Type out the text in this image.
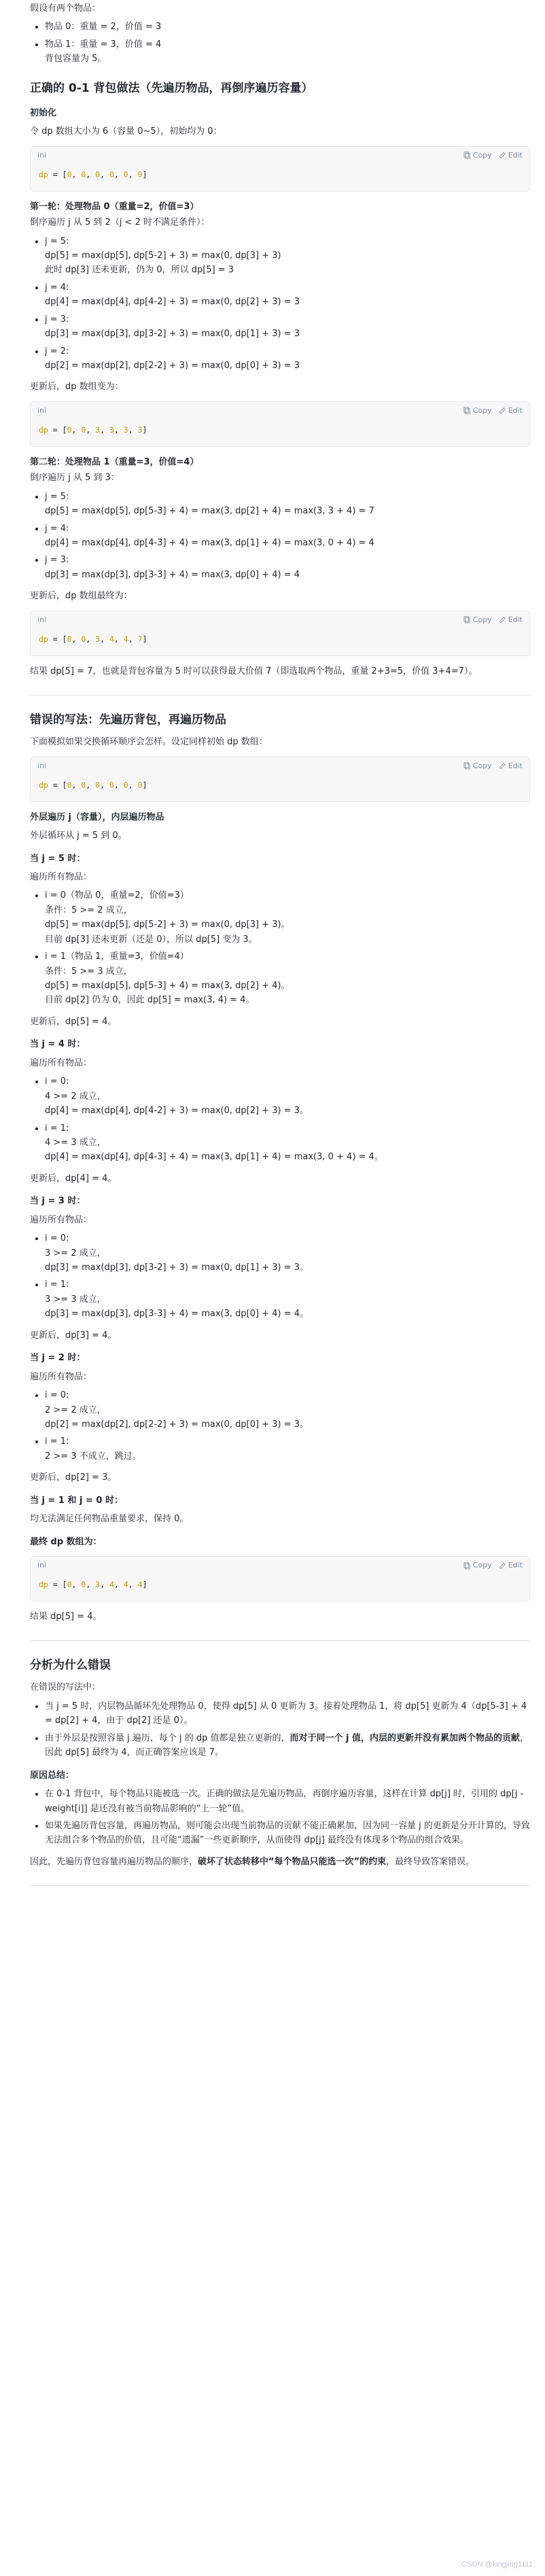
假设有两个物品：

• 物品 0：重量 = 2，价值 = 3
• 物品 1：重量 = 3，价值 = 4
背包容量为 5。
正确的 0-1 背包做法（先遍历物品，再倒序遍历容量）
初始化

令 dp 数组大小为 6（容量 0~5），初始均为 0：

ini	Copy Edit
dp = [0, 0, 0, 0, 0, 0]

第一轮：处理物品 0（重量=2，价值=3）

倒序遍历 j 从 5 到 2（j < 2 时不满足条件）：

• j = 5:
dp[5] = max(dp[5], dp[5-2] + 3) = max(0, dp[3] + 3)
此时 dp[3] 还未更新，仍为 0，所以 dp[5] = 3
• j = 4:
dp[4] = max(dp[4], dp[4-2] + 3) = max(0, dp[2] + 3) = 3
• j = 3:
dp[3] = max(dp[3], dp[3-2] + 3) = max(0, dp[1] + 3) = 3
• j = 2:
dp[2] = max(dp[2], dp[2-2] + 3) = max(0, dp[0] + 3) = 3

更新后，dp 数组变为：

ini	Copy Edit
dp = [0, 0, 3, 3, 3, 3]

第二轮：处理物品 1（重量=3，价值=4）

倒序遍历 j 从 5 到 3：

• j = 5:
dp[5] = max(dp[5], dp[5-3] + 4) = max(3, dp[2] + 4) = max(3, 3 + 4) = 7
• j = 4:
dp[4] = max(dp[4], dp[4-3] + 4) = max(3, dp[1] + 4) = max(3, 0 + 4) = 4
• j = 3:
dp[3] = max(dp[3], dp[3-3] + 4) = max(3, dp[0] + 4) = 4

更新后，dp 数组最终为：

ini	Copy Edit
dp = [0, 0, 3, 4, 4, 7]

结果 dp[5] = 7，也就是背包容量为 5 时可以获得最大价值 7（即选取两个物品，重量 2+3=5，价值 3+4=7）。

错误的写法：先遍历背包，再遍历物品

下面模拟如果交换循环顺序会怎样。设定同样初始 dp 数组：

ini	Copy Edit
dp = [0, 0, 0, 0, 0, 0]
外层遍历 j（容量），内层遍历物品

外层循环从 j = 5 到 0。

当 j = 5 时：

遍历所有物品：

• i = 0（物品 0，重量=2，价值=3）
条件：5 >= 2 成立，
dp[5] = max(dp[5], dp[5-2] + 3) = max(0, dp[3] + 3)。
目前 dp[3] 还未更新（还是 0），所以 dp[5] 变为 3。
• i = 1（物品 1，重量=3，价值=4）
条件：5 >= 3 成立，
dp[5] = max(dp[5], dp[5-3] + 4) = max(3, dp[2] + 4)。
目前 dp[2] 仍为 0，因此 dp[5] = max(3, 4) = 4。

更新后，dp[5] = 4。

当 j = 4 时：

遍历所有物品：

• i = 0:
4 >= 2 成立，
dp[4] = max(dp[4], dp[4-2] + 3) = max(0, dp[2] + 3) = 3。
• i = 1:
4 >= 3 成立，
dp[4] = max(dp[4], dp[4-3] + 4) = max(3, dp[1] + 4) = max(3, 0 + 4) = 4。

更新后，dp[4] = 4。

当 j = 3 时：

遍历所有物品：

• i = 0:
3 >= 2 成立，
dp[3] = max(dp[3], dp[3-2] + 3) = max(0, dp[1] + 3) = 3。
• i = 1:
3 >= 3 成立，
dp[3] = max(dp[3], dp[3-3] + 4) = max(3, dp[0] + 4) = 4。

更新后，dp[3] = 4。

当 j = 2 时：

遍历所有物品：

• i = 0:
2 >= 2 成立，
dp[2] = max(dp[2], dp[2-2] + 3) = max(0, dp[0] + 3) = 3。
• i = 1:
2 >= 3 不成立，跳过。

更新后，dp[2] = 3。

当 j = 1 和 j = 0 时：

均无法满足任何物品重量要求，保持 0。

最终 dp 数组为：
ini	Copy Edit
dp = [0, 0, 3, 4, 4, 4]

结果 dp[5] = 4。

分析为什么错误

在错误的写法中：

• 当 j = 5 时，内层物品循环先处理物品 0，使得 dp[5] 从 0 更新为 3。接着处理物品 1，将 dp[5] 更新为 4（dp[5-3] + 4 = dp[2] + 4，由于 dp[2] 还是 0）。
• 由于外层是按照容量 j 遍历，每个 j 的 dp 值都是独立更新的，而对于同一个 j 值，内层的更新并没有累加两个物品的贡献，因此 dp[5] 最终为 4，而正确答案应该是 7。
原因总结：
• 在 0-1 背包中，每个物品只能被选一次。正确的做法是先遍历物品，再倒序遍历容量，这样在计算 dp[j] 时，引用的 dp[j - weight[i]] 是还没有被当前物品影响的“上一轮”值。
• 如果先遍历背包容量，再遍历物品，则可能会出现当前物品的贡献不能正确累加，因为同一容量 j 的更新是分开计算的，导致无法组合多个物品的价值，且可能“遗漏”一些更新顺序，从而使得 dp[j] 最终没有体现多个物品的组合效果。

因此，先遍历背包容量再遍历物品的顺序，破坏了状态转移中“每个物品只能选一次”的约束，最终导致答案错误。

CSDN @kingjing1111
